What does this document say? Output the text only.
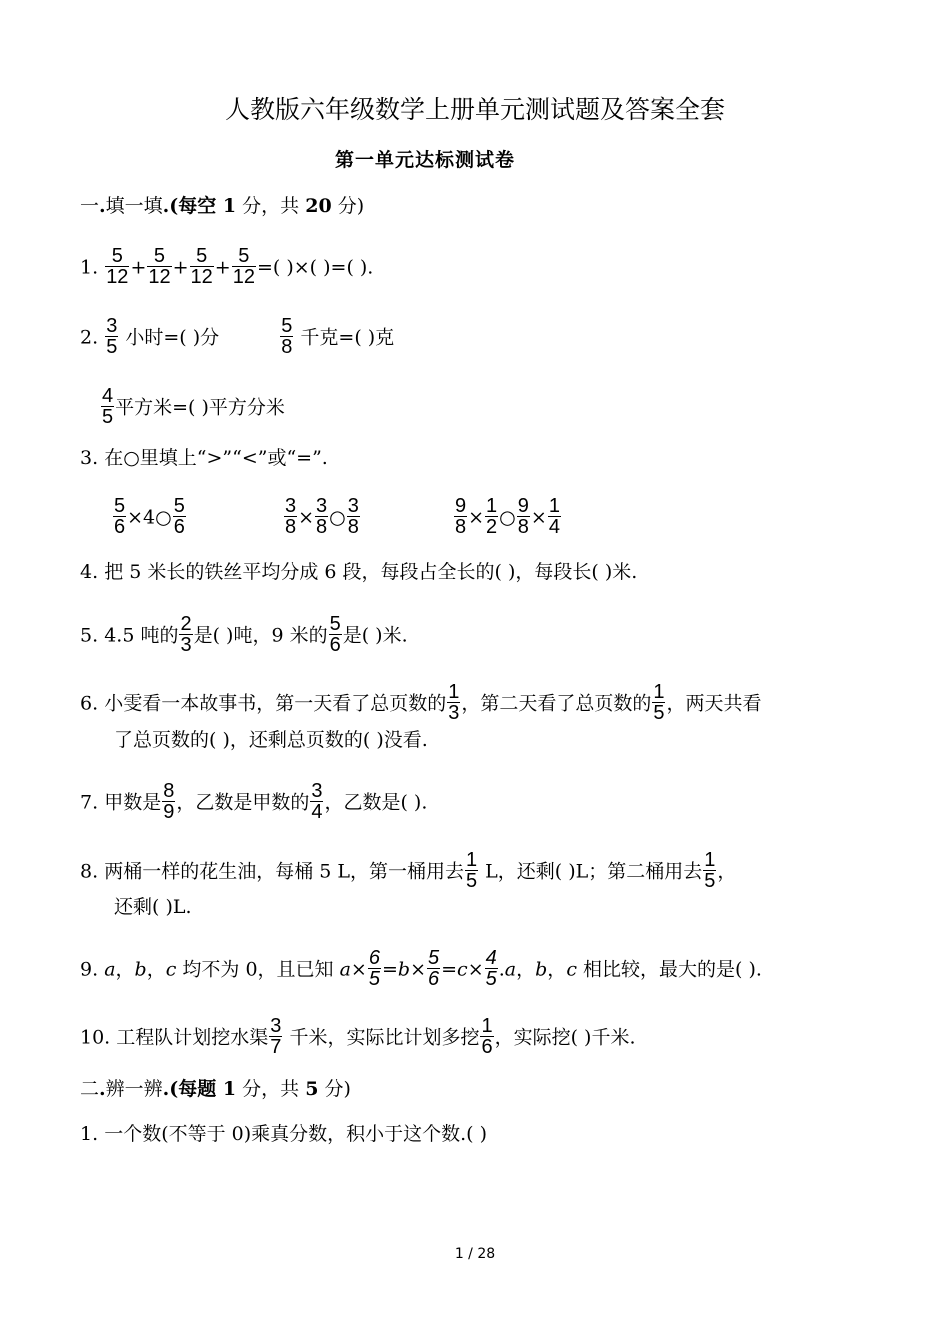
人教版六年级数学上册单元测试题及答案全套
第一单元达标测试卷
一.填一填.(每空 1 分，共 20 分)
1. $\frac{5}{12} + \frac{5}{12} + \frac{5}{12} + \frac{5}{12}$ =( )×( )=( ).
2. $\frac{3}{5}$ 小时=( )分	$\frac{5}{8}$ 千克=( )克
$\frac{4}{5}$ 平方米=( )平方分米
3. 在○里填上“>”“<”或“=”.
$\frac{5}{6}$ ×4○ $\frac{5}{6}$	$\frac{3}{8} \times \frac{3}{8}$ ○ $\frac{3}{8}$	$\frac{9}{8} \times \frac{1}{2}$ ○ $\frac{9}{8} \times \frac{1}{4}$
4. 把 5 米长的铁丝平均分成 6 段，每段占全长的( )，每段长( )米.
5. 4.5 吨的 $\frac{2}{3}$ 是( )吨，9 米的 $\frac{5}{6}$ 是( )米.
6. 小雯看一本故事书，第一天看了总页数的 $\frac{1}{3}$ ，第二天看了总页数的 $\frac{1}{5}$ ，两天共看
了总页数的( )，还剩总页数的( )没看.
7. 甲数是 $\frac{8}{9}$ ，乙数是甲数的 $\frac{3}{4}$ ，乙数是( ).
8. 两桶一样的花生油，每桶 5 L，第一桶用去 $\frac{1}{5}$ L，还剩( )L；第二桶用去 $\frac{1}{5}$ ，
还剩( )L.
9. a，b，c 均不为 0，且已知 $a\times \frac{6}{5} =b\times \frac{5}{6} =c\times \frac{4}{5} .a$，b，c 相比较，最大的是( ).
10. 工程队计划挖水渠 $\frac{3}{7}$ 千米，实际比计划多挖 $\frac{1}{6}$ ，实际挖( )千米.
二.辨一辨.(每题 1 分，共 5 分)
1. 一个数(不等于 0)乘真分数，积小于这个数.( )
1 / 28
